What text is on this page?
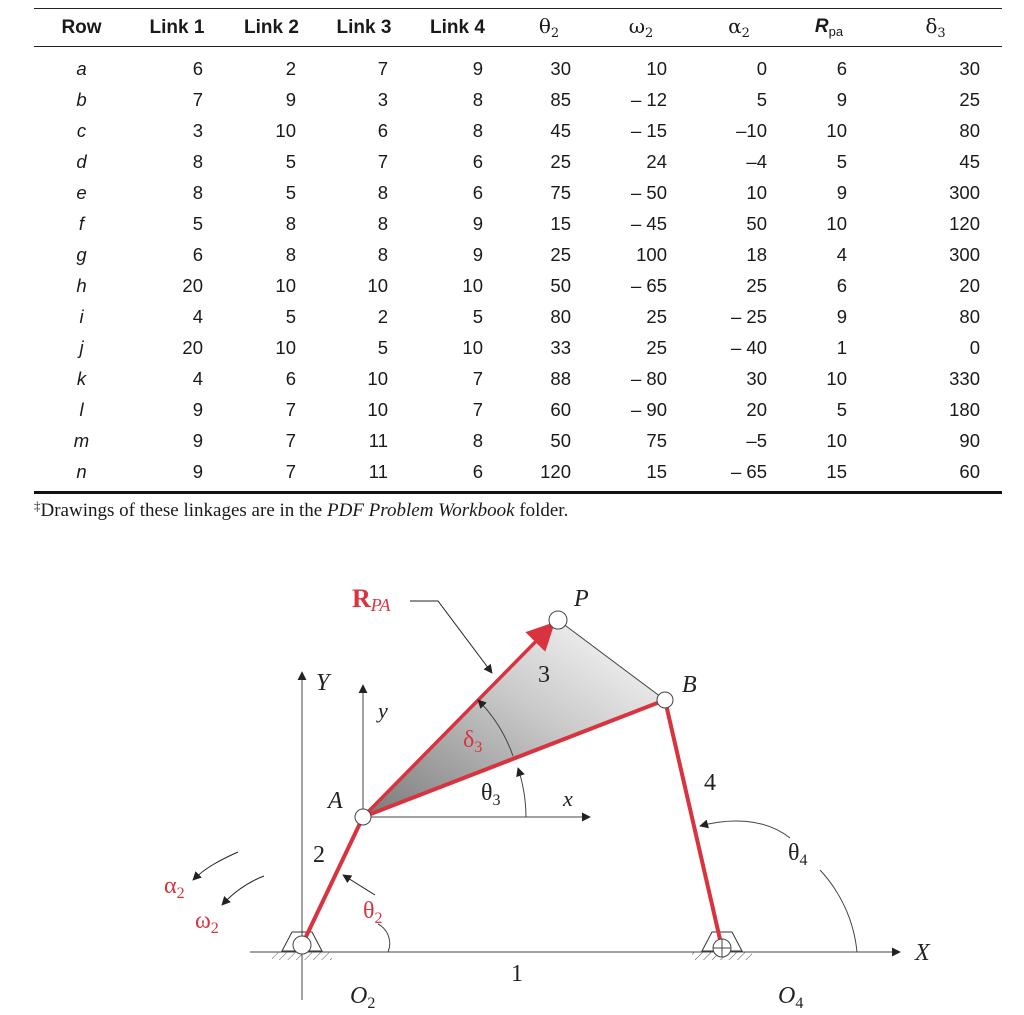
Row	Link 1	Link 2	Link 3	Link 4	$\theta_2$	$\omega_2$	$\alpha_2$	$R_{pa}$	$\delta_3$
a	6	2	7	9	30	10	0	6	30
b	7	9	3	8	85	– 12	5	9	25
c	3	10	6	8	45	– 15	–10	10	80
d	8	5	7	6	25	24	–4	5	45
e	8	5	8	6	75	– 50	10	9	300
f	5	8	8	9	15	– 45	50	10	120
g	6	8	8	9	25	100	18	4	300
h	20	10	10	10	50	– 65	25	6	20
i	4	5	2	5	80	25	– 25	9	80
j	20	10	5	10	33	25	– 40	1	0
k	4	6	10	7	88	– 80	30	10	330
l	9	7	10	7	60	– 90	20	5	180
m	9	7	11	8	50	75	–5	10	90
n	9	7	11	6	120	15	– 65	15	60
‡Drawings of these linkages are in the PDF Problem Workbook folder.
RPA	P
B
A
Y
y
x
X
3
4
2
1
$\delta_3$
$\theta_3$
$\theta_4$
$\theta_2$
$\alpha_2$
$\omega_2$
$O_2$	$O_4$
